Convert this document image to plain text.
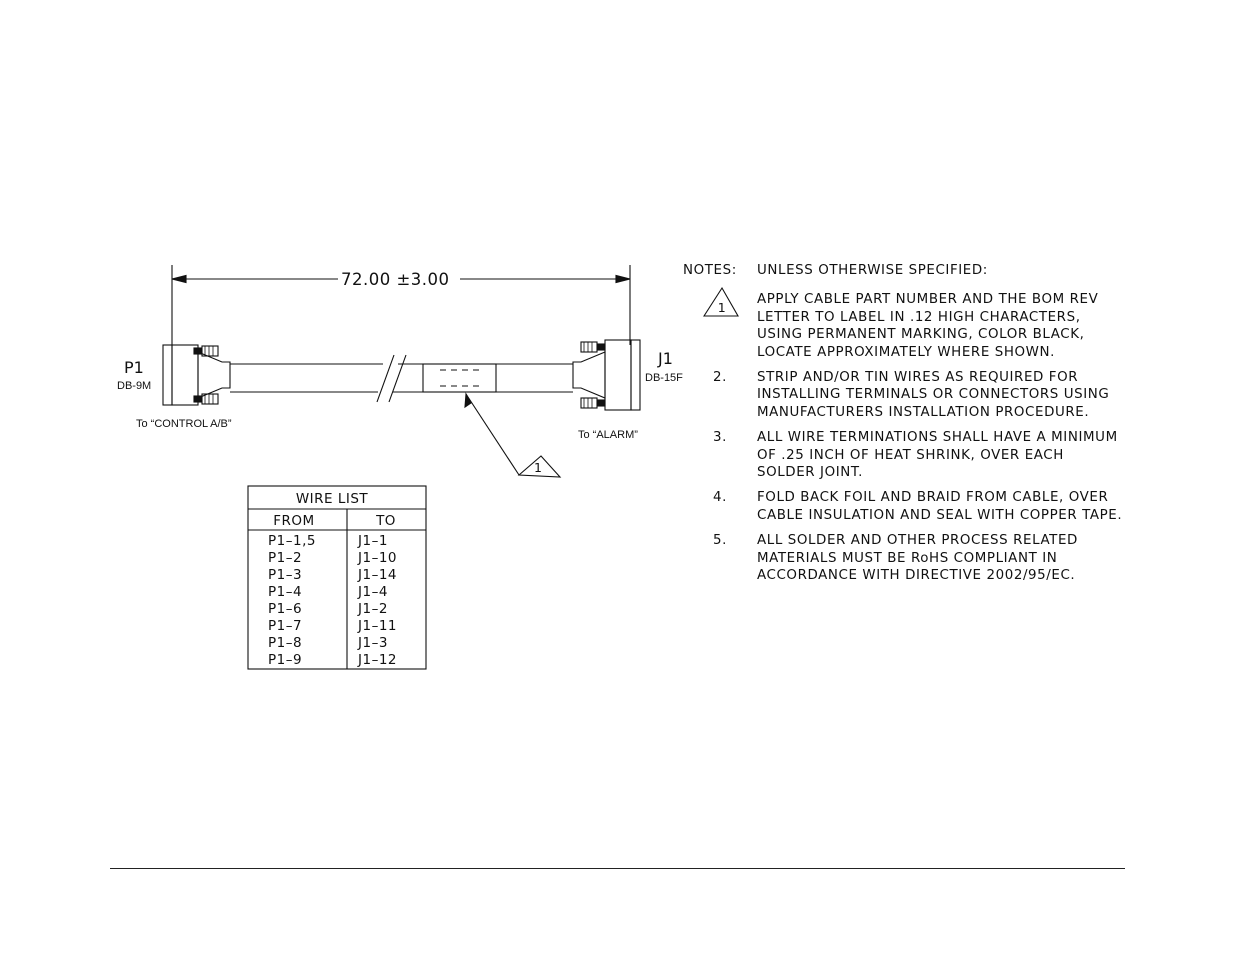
72.00 ±3.00
1
P1
DB-9M
To “CONTROL A/B”
J1
DB-15F
To “ALARM”
WIRE LIST
FROM	TO
P1–1,5	J1–1
P1–2	J1–10
P1–3	J1–14
P1–4	J1–4
P1–6	J1–2
P1–7	J1–11
P1–8	J1–3
P1–9	J1–12
NOTES:	UNLESS OTHERWISE SPECIFIED:
1
APPLY CABLE PART NUMBER AND THE BOM REV LETTER TO LABEL IN .12 HIGH CHARACTERS, USING PERMANENT MARKING, COLOR BLACK, LOCATE APPROXIMATELY WHERE SHOWN.
2.	STRIP AND/OR TIN WIRES AS REQUIRED FOR INSTALLING TERMINALS OR CONNECTORS USING MANUFACTURERS INSTALLATION PROCEDURE.
3.	ALL WIRE TERMINATIONS SHALL HAVE A MINIMUM OF .25 INCH OF HEAT SHRINK, OVER EACH SOLDER JOINT.
4.	FOLD BACK FOIL AND BRAID FROM CABLE, OVER CABLE INSULATION AND SEAL WITH COPPER TAPE.
5.	ALL SOLDER AND OTHER PROCESS RELATED MATERIALS MUST BE RoHS COMPLIANT IN ACCORDANCE WITH DIRECTIVE 2002/95/EC.
